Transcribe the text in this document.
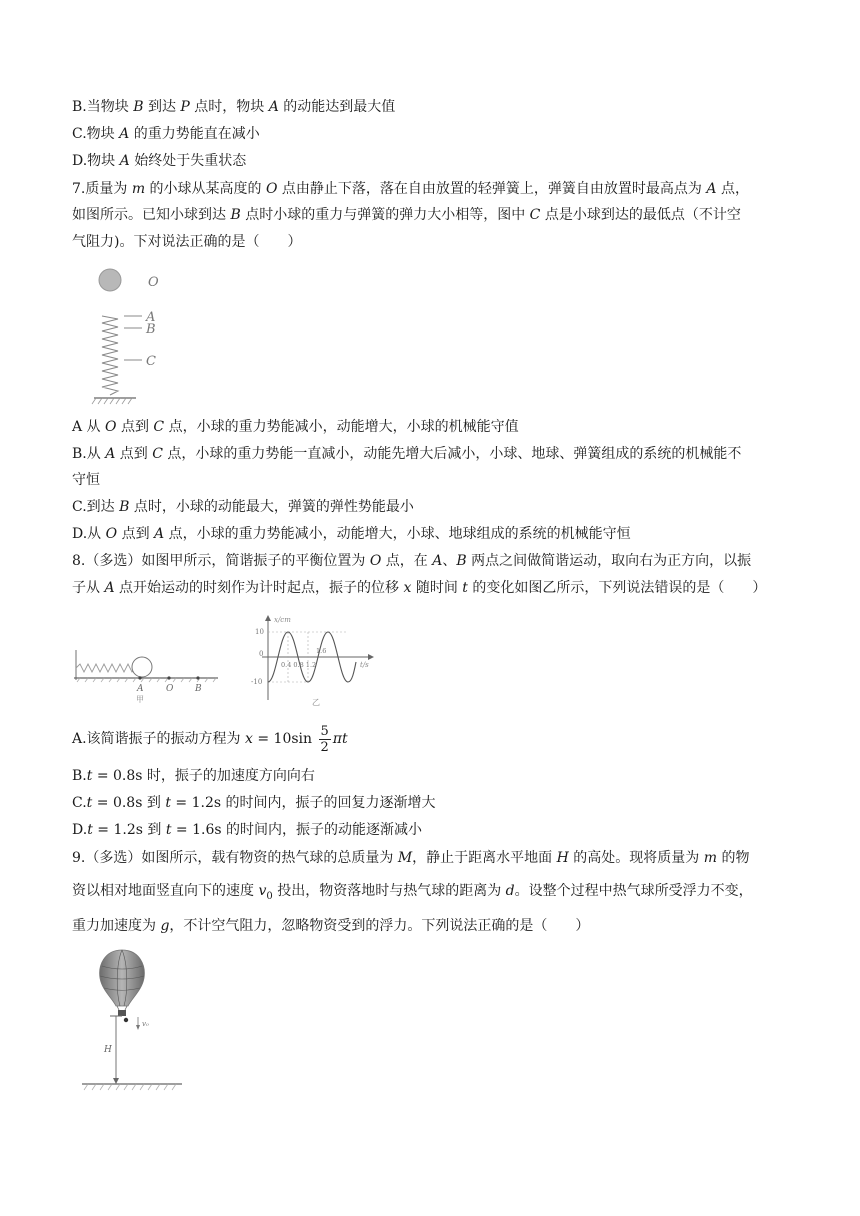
B.当物块 B 到达 P 点时，物块 A 的动能达到最大值
C.物块 A 的重力势能直在减小
D.物块 A 始终处于失重状态
7.质量为 m 的小球从某高度的 O 点由静止下落，落在自由放置的轻弹簧上，弹簧自由放置时最高点为 A 点，
如图所示。已知小球到达 B 点时小球的重力与弹簧的弹力大小相等，图中 C 点是小球到达的最低点（不计空
气阻力)。下对说法正确的是（　　）
O
A
B
C
A 从 O 点到 C 点，小球的重力势能减小，动能增大，小球的机械能守值
B.从 A 点到 C 点，小球的重力势能一直减小，动能先增大后减小，小球、地球、弹簧组成的系统的机械能不
守恒
C.到达 B 点时，小球的动能最大，弹簧的弹性势能最小
D.从 O 点到 A 点，小球的重力势能减小，动能增大，小球、地球组成的系统的机械能守恒
8.（多选）如图甲所示，简谐振子的平衡位置为 O 点，在 A、B 两点之间做简谐运动，取向右为正方向，以振
子从 A 点开始运动的时刻作为计时起点，振子的位移 x 随时间 t 的变化如图乙所示，下列说法错误的是（　　）
A	O B
甲
x/cm
t/s
10
-10
0
0.4 0.8 1.2
1.6
乙
A.该简谐振子的振动方程为 $x = 10\sin \frac{5}{2}$ πt
B.t = 0.8s 时，振子的加速度方向向右
C.t = 0.8s 到 t = 1.2s 的时间内，振子的回复力逐渐增大
D.t = 1.2s 到 t = 1.6s 的时间内，振子的动能逐渐减小
9.（多选）如图所示，载有物资的热气球的总质量为 M，静止于距离水平地面 H 的高处。现将质量为 m 的物
资以相对地面竖直向下的速度 $v_0$ 投出，物资落地时与热气球的距离为 d。设整个过程中热气球所受浮力不变，
重力加速度为 g，不计空气阻力，忽略物资受到的浮力。下列说法正确的是（　　）
H
v₀
